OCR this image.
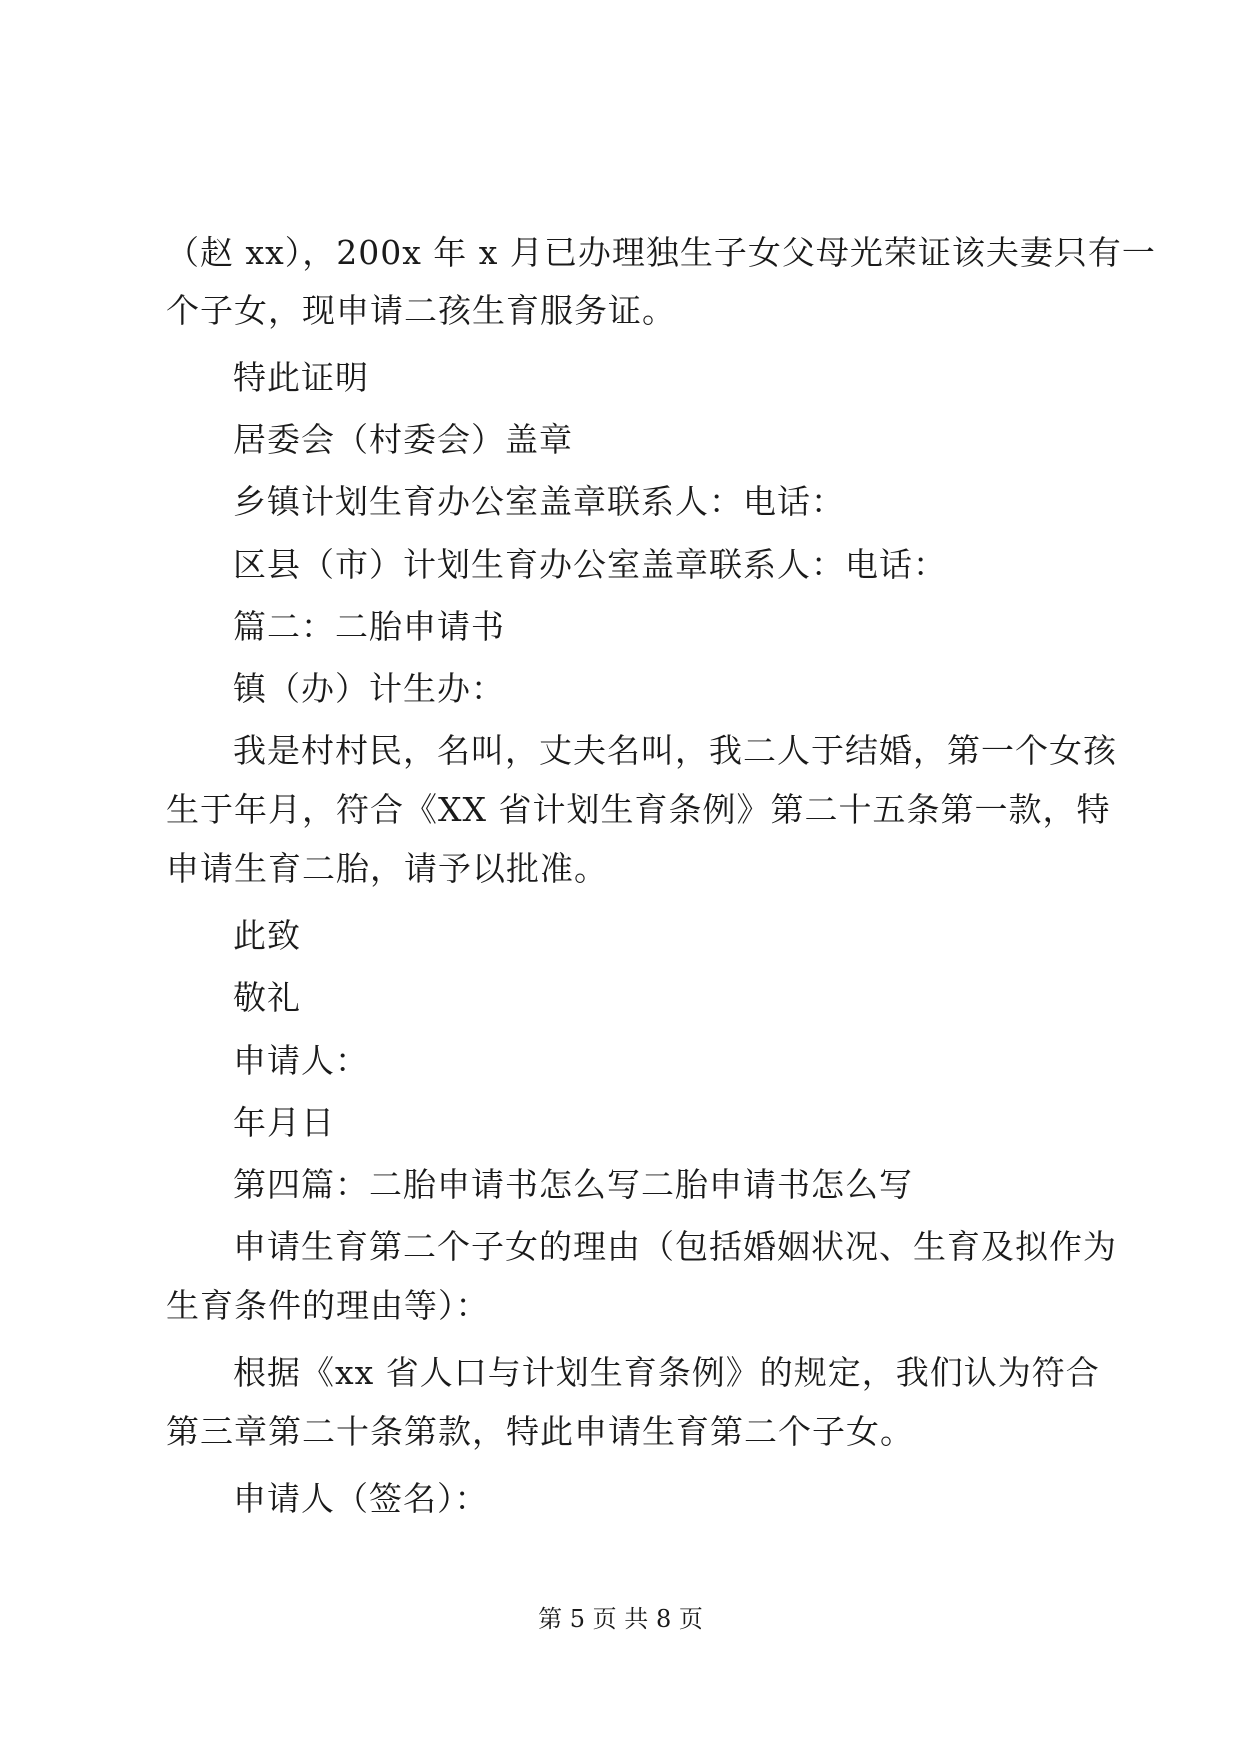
（赵 xx），200x 年 x 月已办理独生子女父母光荣证该夫妻只有一
个子女，现申请二孩生育服务证。
特此证明
居委会（村委会）盖章
乡镇计划生育办公室盖章联系人：电话：
区县（市）计划生育办公室盖章联系人：电话：
篇二：二胎申请书
镇（办）计生办：
我是村村民，名叫，丈夫名叫，我二人于结婚，第一个女孩
生于年月，符合《XX 省计划生育条例》第二十五条第一款，特
申请生育二胎，请予以批准。
此致
敬礼
申请人：
年月日
第四篇：二胎申请书怎么写二胎申请书怎么写
申请生育第二个子女的理由（包括婚姻状况、生育及拟作为
生育条件的理由等）：
根据《xx 省人口与计划生育条例》的规定，我们认为符合
第三章第二十条第款，特此申请生育第二个子女。
申请人（签名）：
第 5 页 共 8 页
